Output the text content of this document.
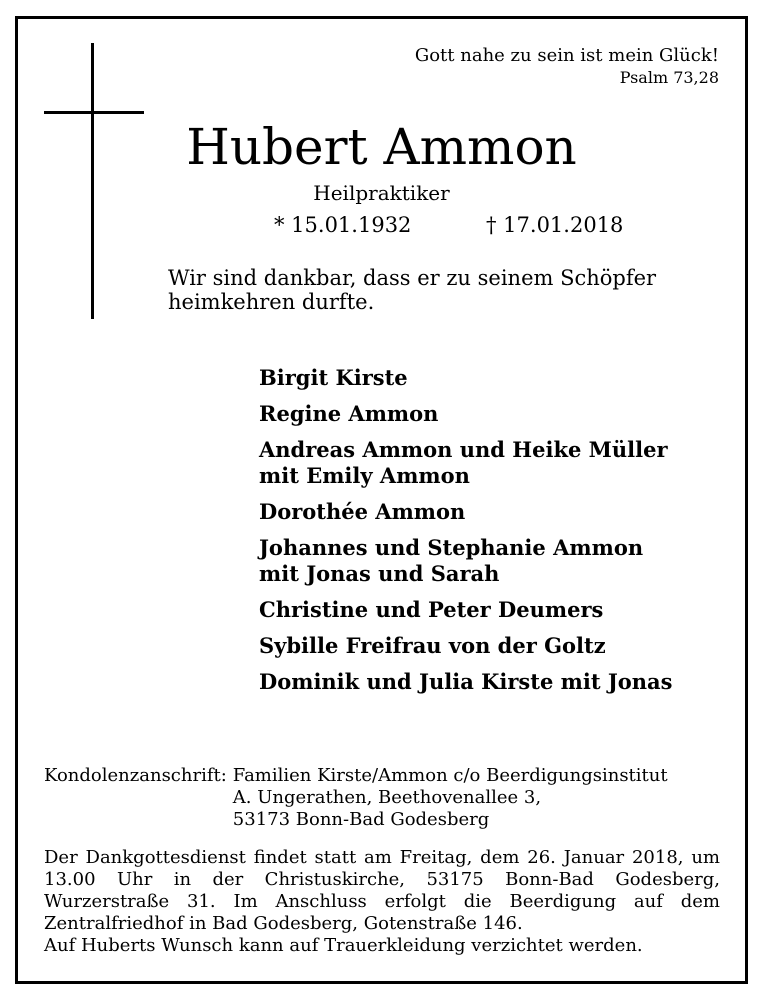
Gott nahe zu sein ist mein Glück!
Psalm 73,28
Hubert Ammon
Heilpraktiker
* 15.01.1932	† 17.01.2018
Wir sind dankbar, dass er zu seinem Schöpfer
heimkehren durfte.
Birgit Kirste
Regine Ammon
Andreas Ammon und Heike Müller
mit Emily Ammon
Dorothée Ammon
Johannes und Stephanie Ammon
mit Jonas und Sarah
Christine und Peter Deumers
Sybille Freifrau von der Goltz
Dominik und Julia Kirste mit Jonas
Kondolenzanschrift:	Familien Kirste/Ammon c/o Beerdigungsinstitut
	A. Ungerathen, Beethovenallee 3,
	53173 Bonn-Bad Godesberg

Der Dankgottesdienst findet statt am Freitag, dem 26. Januar 2018, um 13.00 Uhr in der Christuskirche, 53175 Bonn-Bad Godesberg, Wurzerstraße 31. Im Anschluss erfolgt die Beerdigung auf dem Zentralfriedhof in Bad Godesberg, Gotenstraße 146.

Auf Huberts Wunsch kann auf Trauerkleidung verzichtet werden.
